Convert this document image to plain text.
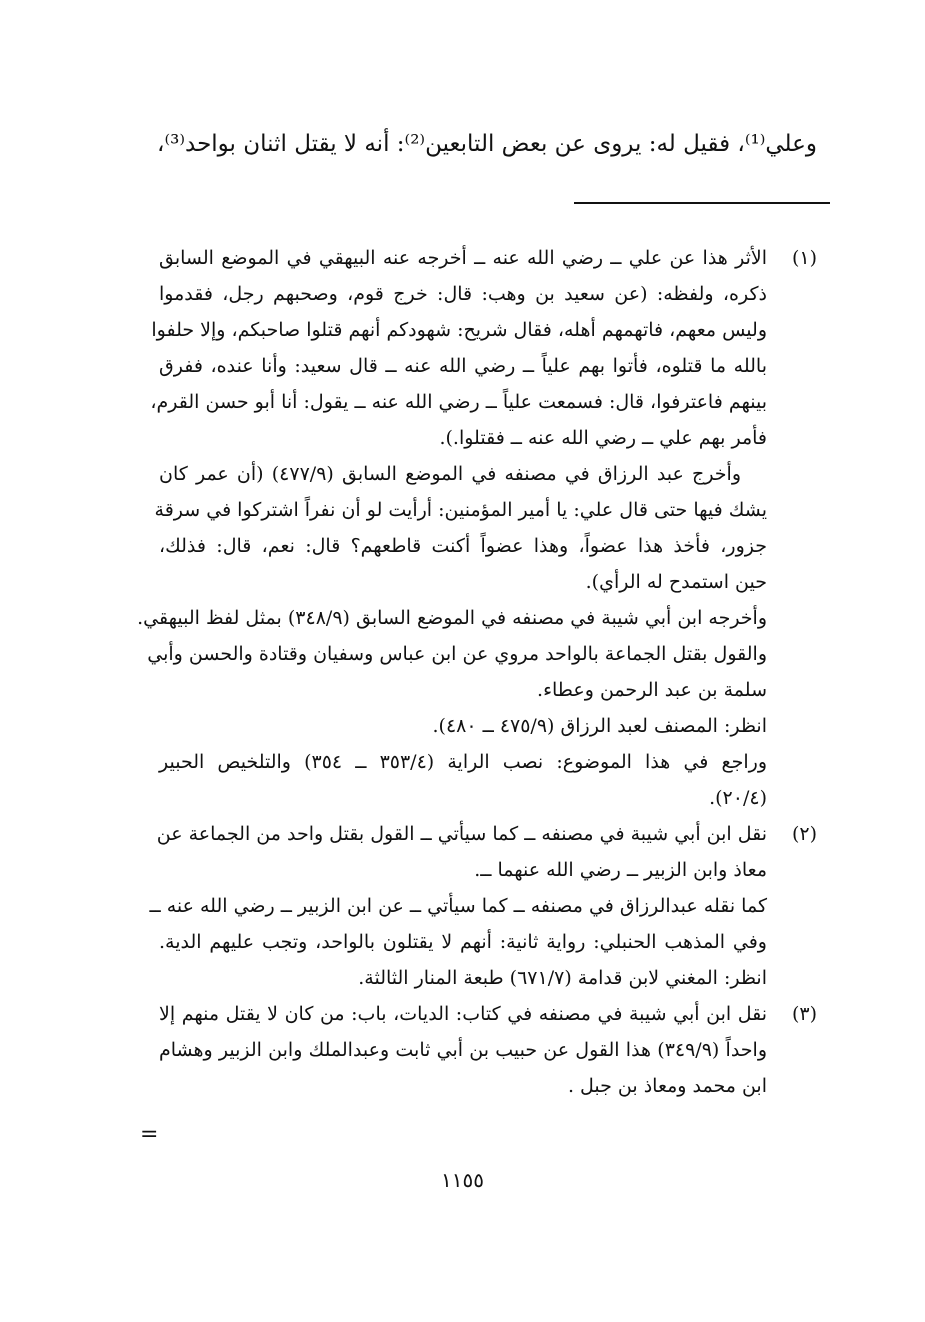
وعلي⁽¹⁾، فقيل له: يروى عن بعض التابعين⁽²⁾: أنه لا يقتل اثنان بواحد⁽³⁾،
(١)
الأثر هذا عن علي ــ رضي الله عنه ــ أخرجه عنه البيهقي في الموضع السابق
ذكره، ولفظه: (عن سعيد بن وهب: قال: خرج قوم، وصحبهم رجل، فقدموا
وليس معهم، فاتهمهم أهله، فقال شريح: شهودكم أنهم قتلوا صاحبكم، وإلا حلفوا
بالله ما قتلوه، فأتوا بهم علياً ــ رضي الله عنه ــ قال سعيد: وأنا عنده، ففرق
بينهم فاعترفوا، قال: فسمعت علياً ــ رضي الله عنه ــ يقول: أنا أبو حسن القرم،
فأمر بهم علي ــ رضي الله عنه ــ فقتلوا.).
وأخرج عبد الرزاق في مصنفه في الموضع السابق (٤٧٧/٩) (أن عمر كان
يشك فيها حتى قال علي: يا أمير المؤمنين: أرأيت لو أن نفراً اشتركوا في سرقة
جزور، فأخذ هذا عضواً، وهذا عضواً أكنت قاطعهم؟ قال: نعم، قال: فذلك،
حين استمدح له الرأي).
وأخرجه ابن أبي شيبة في مصنفه في الموضع السابق (٣٤٨/٩) بمثل لفظ البيهقي.
والقول بقتل الجماعة بالواحد مروي عن ابن عباس وسفيان وقتادة والحسن وأبي
سلمة بن عبد الرحمن وعطاء.
انظر: المصنف لعبد الرزاق (٤٧٥/٩ ــ ٤٨٠).
وراجع في هذا الموضوع: نصب الراية (٣٥٣/٤ ــ ٣٥٤) والتلخيص الحبير
(٢٠/٤).
(٢)
نقل ابن أبي شيبة في مصنفه ــ كما سيأتي ــ القول بقتل واحد من الجماعة عن
معاذ وابن الزبير ــ رضي الله عنهما ــ.
كما نقله عبدالرزاق في مصنفه ــ كما سيأتي ــ عن ابن الزبير ــ رضي الله عنه ــ
وفي المذهب الحنبلي: رواية ثانية: أنهم لا يقتلون بالواحد، وتجب عليهم الدية.
انظر: المغني لابن قدامة (٦٧١/٧) طبعة المنار الثالثة.
(٣)
نقل ابن أبي شيبة في مصنفه في كتاب: الديات، باب: من كان لا يقتل منهم إلا
واحداً (٣٤٩/٩) هذا القول عن حبيب بن أبي ثابت وعبدالملك وابن الزبير وهشام
ابن محمد ومعاذ بن جبل .
=
١١٥٥
